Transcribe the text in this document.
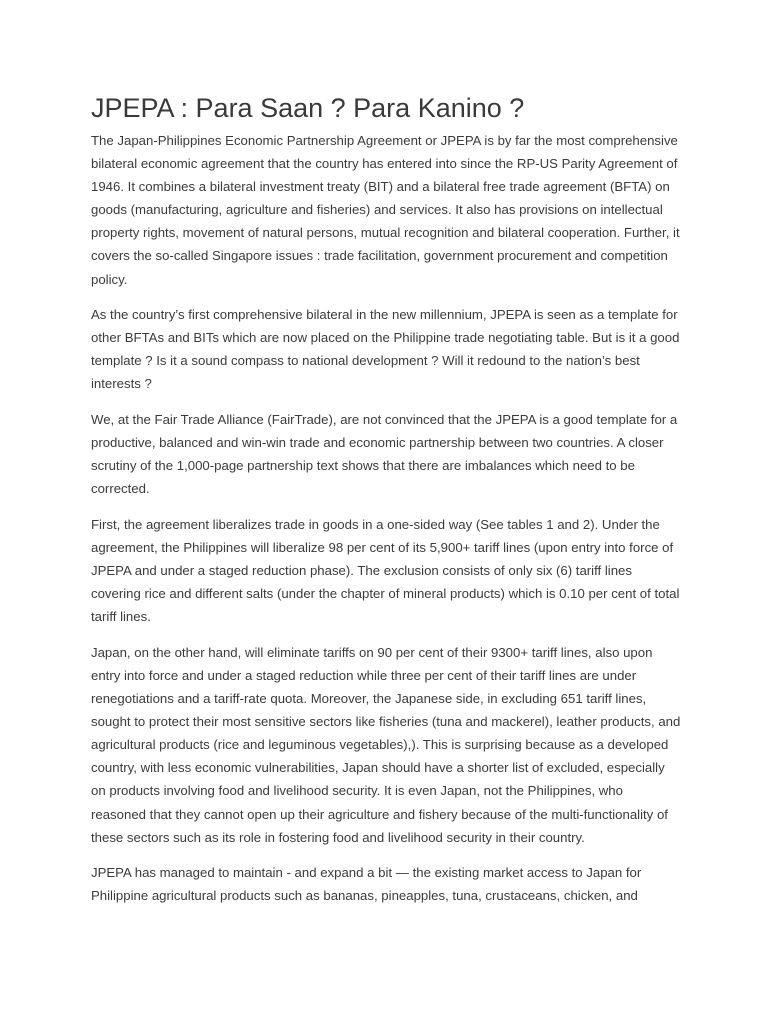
JPEPA : Para Saan ? Para Kanino ?

The Japan-Philippines Economic Partnership Agreement or JPEPA is by far the most comprehensive bilateral economic agreement that the country has entered into since the RP-US Parity Agreement of 1946. It combines a bilateral investment treaty (BIT) and a bilateral free trade agreement (BFTA) on goods (manufacturing, agriculture and fisheries) and services. It also has provisions on intellectual property rights, movement of natural persons, mutual recognition and bilateral cooperation. Further, it covers the so-called Singapore issues : trade facilitation, government procurement and competition policy.

As the country’s first comprehensive bilateral in the new millennium, JPEPA is seen as a template for other BFTAs and BITs which are now placed on the Philippine trade negotiating table. But is it a good template ? Is it a sound compass to national development ? Will it redound to the nation’s best interests ?

We, at the Fair Trade Alliance (FairTrade), are not convinced that the JPEPA is a good template for a productive, balanced and win-win trade and economic partnership between two countries. A closer scrutiny of the 1,000-page partnership text shows that there are imbalances which need to be corrected.

First, the agreement liberalizes trade in goods in a one-sided way (See tables 1 and 2). Under the agreement, the Philippines will liberalize 98 per cent of its 5,900+ tariff lines (upon entry into force of JPEPA and under a staged reduction phase). The exclusion consists of only six (6) tariff lines covering rice and different salts (under the chapter of mineral products) which is 0.10 per cent of total tariff lines.

Japan, on the other hand, will eliminate tariffs on 90 per cent of their 9300+ tariff lines, also upon entry into force and under a staged reduction while three per cent of their tariff lines are under renegotiations and a tariff-rate quota. Moreover, the Japanese side, in excluding 651 tariff lines, sought to protect their most sensitive sectors like fisheries (tuna and mackerel), leather products, and agricultural products (rice and leguminous vegetables),). This is surprising because as a developed country, with less economic vulnerabilities, Japan should have a shorter list of excluded, especially on products involving food and livelihood security. It is even Japan, not the Philippines, who reasoned that they cannot open up their agriculture and fishery because of the multi-functionality of these sectors such as its role in fostering food and livelihood security in their country.

JPEPA has managed to maintain - and expand a bit — the existing market access to Japan for Philippine agricultural products such as bananas, pineapples, tuna, crustaceans, chicken, and
